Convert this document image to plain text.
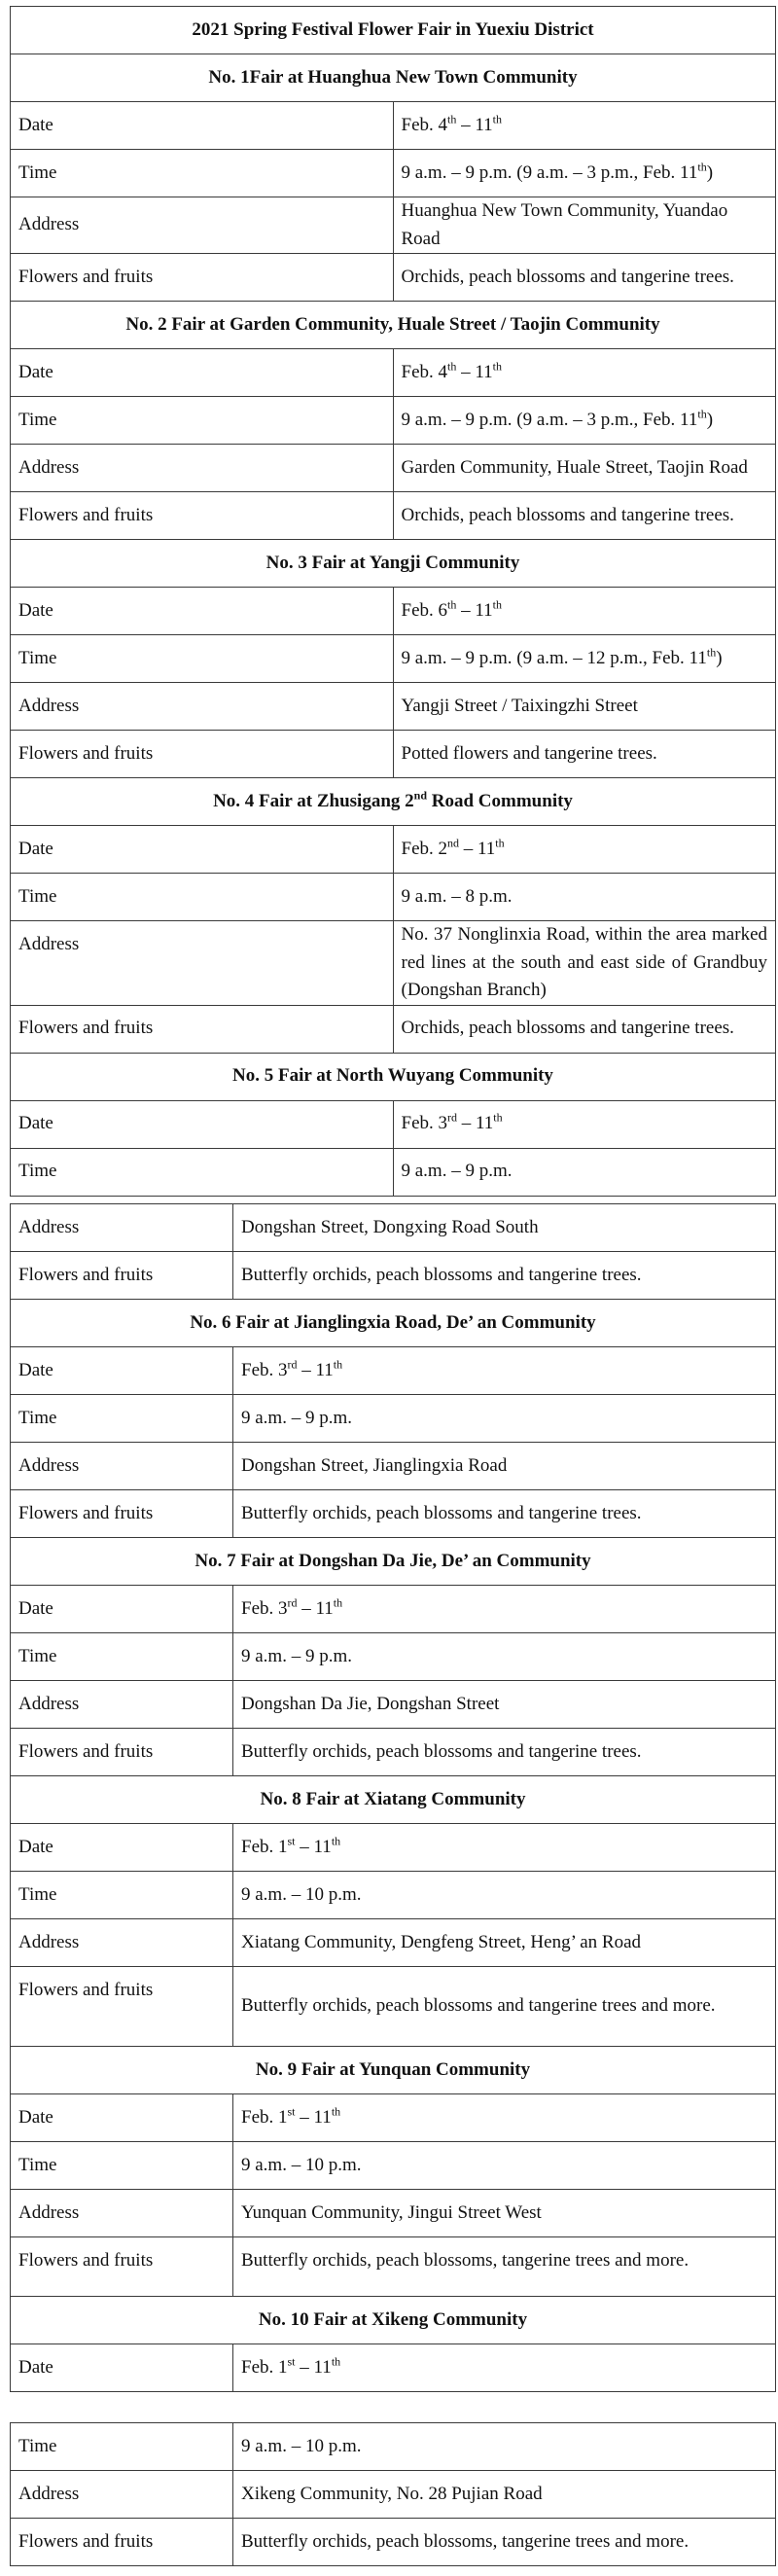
2021 Spring Festival Flower Fair in Yuexiu District	
No. 1Fair at Huanghua New Town Community	
Date	Feb. 4th – 11th
Time	9 a.m. – 9 p.m. (9 a.m. – 3 p.m., Feb. 11th)
Address	Huanghua New Town Community, Yuandao Road
Flowers and fruits	Orchids, peach blossoms and tangerine trees.
No. 2 Fair at Garden Community, Huale Street / Taojin Community	
Date	Feb. 4th – 11th
Time	9 a.m. – 9 p.m. (9 a.m. – 3 p.m., Feb. 11th)
Address	Garden Community, Huale Street, Taojin Road
Flowers and fruits	Orchids, peach blossoms and tangerine trees.
No. 3 Fair at Yangji Community	
Date	Feb. 6th – 11th
Time	9 a.m. – 9 p.m. (9 a.m. – 12 p.m., Feb. 11th)
Address	Yangji Street / Taixingzhi Street
Flowers and fruits	Potted flowers and tangerine trees.
No. 4 Fair at Zhusigang 2nd Road Community	
Date	Feb. 2nd – 11th
Time	9 a.m. – 8 p.m.
Address	No. 37 Nonglinxia Road, within the area marked red lines at the south and east side of Grandbuy (Dongshan Branch)
Flowers and fruits	Orchids, peach blossoms and tangerine trees.
No. 5 Fair at North Wuyang Community	
Date	Feb. 3rd – 11th
Time	9 a.m. – 9 p.m.
Address	Dongshan Street, Dongxing Road South
Flowers and fruits	Butterfly orchids, peach blossoms and tangerine trees.
No. 6 Fair at Jianglingxia Road, De’ an Community	
Date	Feb. 3rd – 11th
Time	9 a.m. – 9 p.m.
Address	Dongshan Street, Jianglingxia Road
Flowers and fruits	Butterfly orchids, peach blossoms and tangerine trees.
No. 7 Fair at Dongshan Da Jie, De’ an Community	
Date	Feb. 3rd – 11th
Time	9 a.m. – 9 p.m.
Address	Dongshan Da Jie, Dongshan Street
Flowers and fruits	Butterfly orchids, peach blossoms and tangerine trees.
No. 8 Fair at Xiatang Community	
Date	Feb. 1st – 11th
Time	9 a.m. – 10 p.m.
Address	Xiatang Community, Dengfeng Street, Heng’ an Road
Flowers and fruits	Butterfly orchids, peach blossoms and tangerine trees and more.
No. 9 Fair at Yunquan Community	
Date	Feb. 1st – 11th
Time	9 a.m. – 10 p.m.
Address	Yunquan Community, Jingui Street West
Flowers and fruits	Butterfly orchids, peach blossoms, tangerine trees and more.
No. 10 Fair at Xikeng Community	
Date	Feb. 1st – 11th
Time	9 a.m. – 10 p.m.
Address	Xikeng Community, No. 28 Pujian Road
Flowers and fruits	Butterfly orchids, peach blossoms, tangerine trees and more.
